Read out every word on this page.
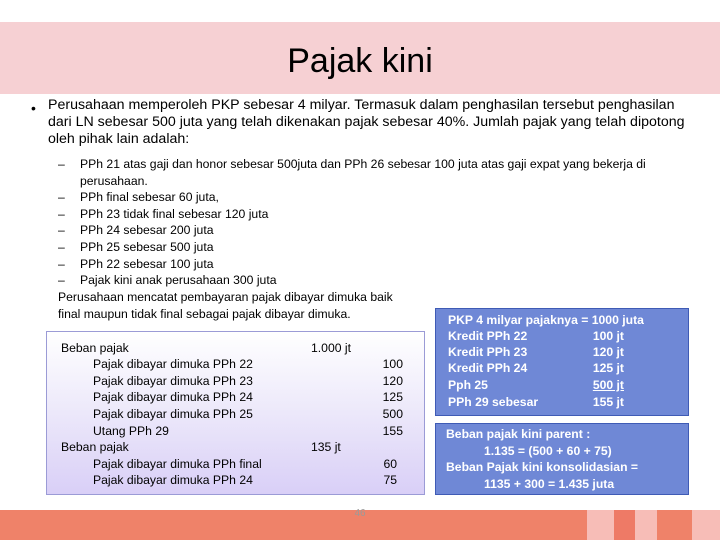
Pajak kini
• Perusahaan memperoleh PKP sebesar 4 milyar. Termasuk dalam penghasilan tersebut penghasilan dari LN sebesar 500 juta yang telah dikenakan pajak sebesar 40%. Jumlah pajak yang telah dipotong oleh pihak lain adalah:
– PPh 21 atas gaji dan honor sebesar 500juta dan PPh 26 sebesar 100 juta atas gaji expat yang bekerja di perusahaan.
– PPh final sebesar 60 juta,
– PPh 23 tidak final sebesar 120 juta
– PPh 24 sebesar 200 juta
– PPh 25 sebesar 500 juta
– PPh 22 sebesar 100 juta
– Pajak kini anak perusahaan 300 juta
Perusahaan mencatat pembayaran pajak dibayar dimuka baik final maupun tidak final sebagai pajak dibayar dimuka.
Beban pajak	1.000 jt
Pajak dibayar dimuka PPh 22	100
Pajak dibayar dimuka PPh 23	120
Pajak dibayar dimuka PPh 24	125
Pajak dibayar dimuka PPh 25	500
Utang PPh 29	155
Beban pajak	135 jt
Pajak dibayar dimuka PPh final	60
Pajak dibayar dimuka PPh 24	75
PKP 4 milyar pajaknya = 1000 juta
Kredit PPh 22	100 jt
Kredit PPh 23	120 jt
Kredit PPh 24	125 jt
Pph 25	500 jt
PPh 29 sebesar	155 jt
Beban pajak kini parent :
1.135 = (500 + 60 + 75)
Beban Pajak kini konsolidasian =
1135 + 300 = 1.435 juta
46
